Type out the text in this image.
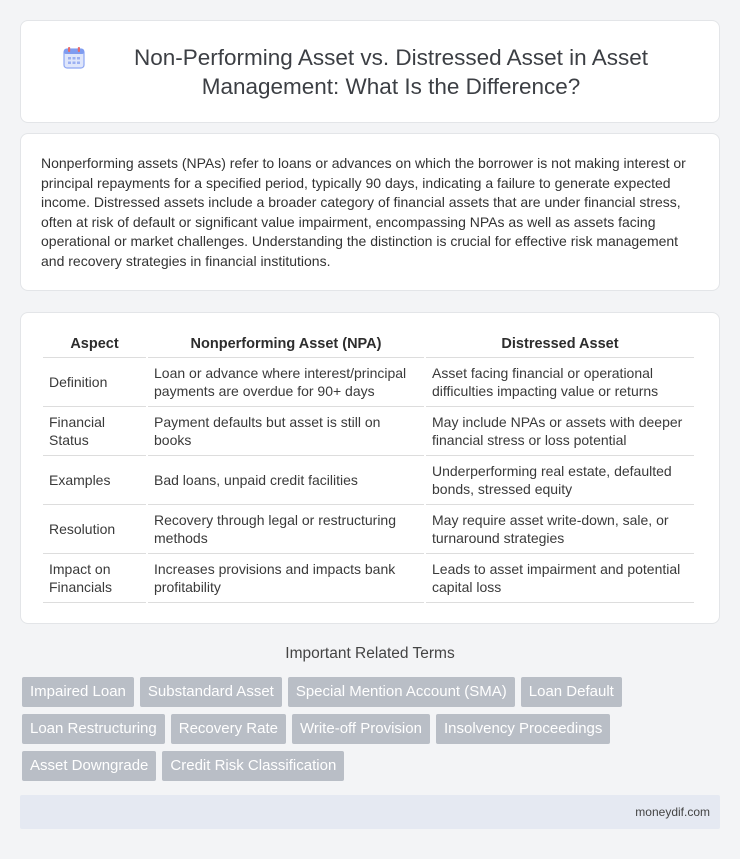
Non-Performing Asset vs. Distressed Asset in Asset Management: What Is the Difference?

Nonperforming assets (NPAs) refer to loans or advances on which the borrower is not making interest or principal repayments for a specified period, typically 90 days, indicating a failure to generate expected income. Distressed assets include a broader category of financial assets that are under financial stress, often at risk of default or significant value impairment, encompassing NPAs as well as assets facing operational or market challenges. Understanding the distinction is crucial for effective risk management and recovery strategies in financial institutions.

Aspect	Nonperforming Asset (NPA)	Distressed Asset
Definition	Loan or advance where interest/principal payments are overdue for 90+ days	Asset facing financial or operational difficulties impacting value or returns
Financial Status	Payment defaults but asset is still on books	May include NPAs or assets with deeper financial stress or loss potential
Examples	Bad loans, unpaid credit facilities	Underperforming real estate, defaulted bonds, stressed equity
Resolution	Recovery through legal or restructuring methods	May require asset write-down, sale, or turnaround strategies
Impact on Financials	Increases provisions and impacts bank profitability	Leads to asset impairment and potential capital loss
Important Related Terms
Impaired Loan	Substandard Asset	Special Mention Account (SMA)	Loan Default
Loan Restructuring	Recovery Rate	Write-off Provision	Insolvency Proceedings
Asset Downgrade	Credit Risk Classification
moneydif.com
